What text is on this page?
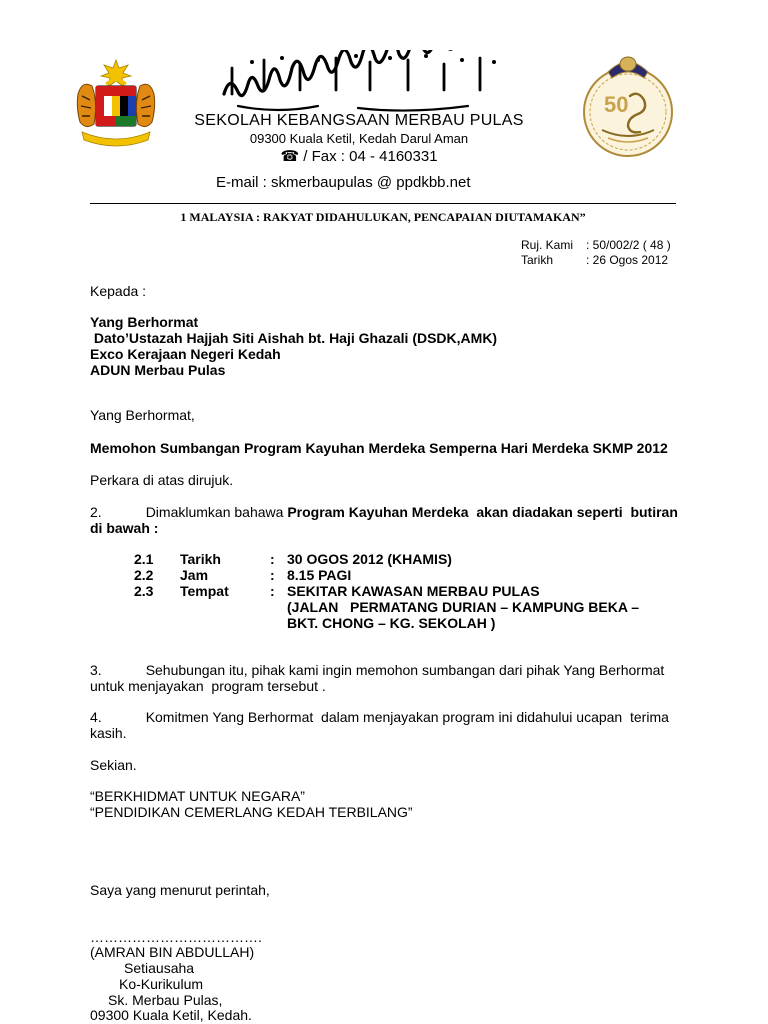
SEKOLAH KEBANGSAAN MERBAU PULAS
09300 Kuala Ketil, Kedah Darul Aman
☎ / Fax : 04 - 4160331
E-mail : skmerbaupulas @ ppdkbb.net
50
1 MALAYSIA : RAKYAT DIDAHULUKAN, PENCAPAIAN DIUTAMAKAN”
Ruj. Kami : 50/002/2 ( 48 )
Tarikh	: 26 Ogos 2012
Kepada :
Yang Berhormat
Dato’Ustazah Hajjah Siti Aishah bt. Haji Ghazali (DSDK,AMK)
Exco Kerajaan Negeri Kedah
ADUN Merbau Pulas
Yang Berhormat,
Memohon Sumbangan Program Kayuhan Merdeka Semperna Hari Merdeka SKMP 2012
Perkara di atas dirujuk.
2.	Dimaklumkan bahawa Program Kayuhan Merdeka  akan diadakan seperti  butiran
di bawah :
2.1 Tarikh	: 30 OGOS 2012 (KHAMIS)
2.2 Jam	: 8.15 PAGI
2.3 Tempat	: SEKITAR KAWASAN MERBAU PULAS
(JALAN   PERMATANG DURIAN – KAMPUNG BEKA –
BKT. CHONG – KG. SEKOLAH )
3.	Sehubungan itu, pihak kami ingin memohon sumbangan dari pihak Yang Berhormat
untuk menjayakan  program tersebut .
4.	Komitmen Yang Berhormat  dalam menjayakan program ini didahului ucapan  terima
kasih.
Sekian.
“BERKHIDMAT UNTUK NEGARA”
“PENDIDIKAN CEMERLANG KEDAH TERBILANG”
Saya yang menurut perintah,
……………………………….
(AMRAN BIN ABDULLAH)
Setiausaha
Ko-Kurikulum
Sk. Merbau Pulas,
09300 Kuala Ketil, Kedah.
